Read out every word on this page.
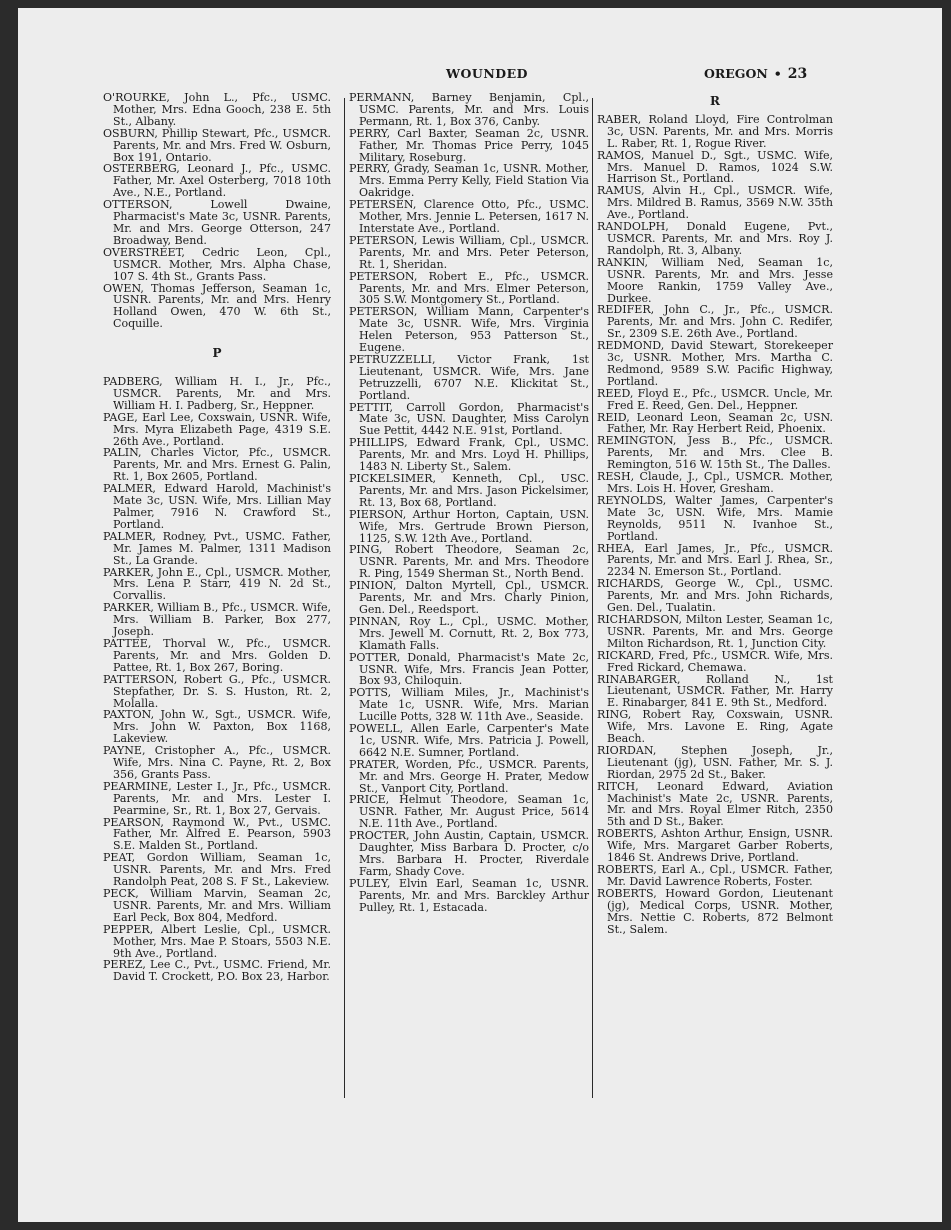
WOUNDED	OREGON • 23

O'ROURKE, John L., Pfc., USMC. Mother, Mrs. Edna Gooch, 238 E. 5th St., Albany.

OSBURN, Phillip Stewart, Pfc., USMCR. Parents, Mr. and Mrs. Fred W. Osburn, Box 191, Ontario.

OSTERBERG, Leonard J., Pfc., USMC. Father, Mr. Axel Osterberg, 7018 10th Ave., N.E., Portland.

OTTERSON, Lowell Dwaine, Pharmacist's Mate 3c, USNR. Parents, Mr. and Mrs. George Otterson, 247 Broadway, Bend.

OVERSTREET, Cedric Leon, Cpl., USMCR. Mother, Mrs. Alpha Chase, 107 S. 4th St., Grants Pass.

OWEN, Thomas Jefferson, Seaman 1c, USNR. Parents, Mr. and Mrs. Henry Holland Owen, 470 W. 6th St., Coquille.

P

PADBERG, William H. I., Jr., Pfc., USMCR. Parents, Mr. and Mrs. William H. I. Padberg, Sr., Heppner.

PAGE, Earl Lee, Coxswain, USNR. Wife, Mrs. Myra Elizabeth Page, 4319 S.E. 26th Ave., Portland.

PALIN, Charles Victor, Pfc., USMCR. Parents, Mr. and Mrs. Ernest G. Palin, Rt. 1, Box 2605, Portland.

PALMER, Edward Harold, Machinist's Mate 3c, USN. Wife, Mrs. Lillian May Palmer, 7916 N. Crawford St., Portland.

PALMER, Rodney, Pvt., USMC. Father, Mr. James M. Palmer, 1311 Madison St., La Grande.

PARKER, John E., Cpl., USMCR. Mother, Mrs. Lena P. Starr, 419 N. 2d St., Corvallis.

PARKER, William B., Pfc., USMCR. Wife, Mrs. William B. Parker, Box 277, Joseph.

PATTEE, Thorval W., Pfc., USMCR. Parents, Mr. and Mrs. Golden D. Pattee, Rt. 1, Box 267, Boring.

PATTERSON, Robert G., Pfc., USMCR. Stepfather, Dr. S. S. Huston, Rt. 2, Molalla.

PAXTON, John W., Sgt., USMCR. Wife, Mrs. John W. Paxton, Box 1168, Lakeview.

PAYNE, Cristopher A., Pfc., USMCR. Wife, Mrs. Nina C. Payne, Rt. 2, Box 356, Grants Pass.

PEARMINE, Lester I., Jr., Pfc., USMCR. Parents, Mr. and Mrs. Lester I. Pearmine, Sr., Rt. 1, Box 27, Gervais.

PEARSON, Raymond W., Pvt., USMC. Father, Mr. Alfred E. Pearson, 5903 S.E. Malden St., Portland.

PEAT, Gordon William, Seaman 1c, USNR. Parents, Mr. and Mrs. Fred Randolph Peat, 208 S. F St., Lakeview.

PECK, William Marvin, Seaman 2c, USNR. Parents, Mr. and Mrs. William Earl Peck, Box 804, Medford.

PEPPER, Albert Leslie, Cpl., USMCR. Mother, Mrs. Mae P. Stoars, 5503 N.E. 9th Ave., Portland.

PEREZ, Lee C., Pvt., USMC. Friend, Mr. David T. Crockett, P.O. Box 23, Harbor.

PERMANN, Barney Benjamin, Cpl., USMC. Parents, Mr. and Mrs. Louis Permann, Rt. 1, Box 376, Canby.

PERRY, Carl Baxter, Seaman 2c, USNR. Father, Mr. Thomas Price Perry, 1045 Military, Roseburg.

PERRY, Grady, Seaman 1c, USNR. Mother, Mrs. Emma Perry Kelly, Field Station Via Oakridge.

PETERSEN, Clarence Otto, Pfc., USMC. Mother, Mrs. Jennie L. Petersen, 1617 N. Interstate Ave., Portland.

PETERSON, Lewis William, Cpl., USMCR. Parents, Mr. and Mrs. Peter Peterson, Rt. 1, Sheridan.

PETERSON, Robert E., Pfc., USMCR. Parents, Mr. and Mrs. Elmer Peterson, 305 S.W. Montgomery St., Portland.

PETERSON, William Mann, Carpenter's Mate 3c, USNR. Wife, Mrs. Virginia Helen Peterson, 953 Patterson St., Eugene.

PETRUZZELLI, Victor Frank, 1st Lieutenant, USMCR. Wife, Mrs. Jane Petruzzelli, 6707 N.E. Klickitat St., Portland.

PETTIT, Carroll Gordon, Pharmacist's Mate 3c, USN. Daughter, Miss Carolyn Sue Pettit, 4442 N.E. 91st, Portland.

PHILLIPS, Edward Frank, Cpl., USMC. Parents, Mr. and Mrs. Loyd H. Phillips, 1483 N. Liberty St., Salem.

PICKELSIMER, Kenneth, Cpl., USC. Parents, Mr. and Mrs. Jason Pickelsimer, Rt. 13, Box 68, Portland.

PIERSON, Arthur Horton, Captain, USN. Wife, Mrs. Gertrude Brown Pierson, 1125, S.W. 12th Ave., Portland.

PING, Robert Theodore, Seaman 2c, USNR. Parents, Mr. and Mrs. Theodore R. Ping, 1549 Sherman St., North Bend.

PINION, Dalton Myrtell, Cpl., USMCR. Parents, Mr. and Mrs. Charly Pinion, Gen. Del., Reedsport.

PINNAN, Roy L., Cpl., USMC. Mother, Mrs. Jewell M. Cornutt, Rt. 2, Box 773, Klamath Falls.

POTTER, Donald, Pharmacist's Mate 2c, USNR. Wife, Mrs. Francis Jean Potter, Box 93, Chiloquin.

POTTS, William Miles, Jr., Machinist's Mate 1c, USNR. Wife, Mrs. Marian Lucille Potts, 328 W. 11th Ave., Seaside.

POWELL, Allen Earle, Carpenter's Mate 1c, USNR. Wife, Mrs. Patricia J. Powell, 6642 N.E. Sumner, Portland.

PRATER, Worden, Pfc., USMCR. Parents, Mr. and Mrs. George H. Prater, Medow St., Vanport City, Portland.

PRICE, Helmut Theodore, Seaman 1c, USNR. Father, Mr. August Price, 5614 N.E. 11th Ave., Portland.

PROCTER, John Austin, Captain, USMCR. Daughter, Miss Barbara D. Procter, c/o Mrs. Barbara H. Procter, Riverdale Farm, Shady Cove.

PULEY, Elvin Earl, Seaman 1c, USNR. Parents, Mr. and Mrs. Barckley Arthur Pulley, Rt. 1, Estacada.

R

RABER, Roland Lloyd, Fire Controlman 3c, USN. Parents, Mr. and Mrs. Morris L. Raber, Rt. 1, Rogue River.

RAMOS, Manuel D., Sgt., USMC. Wife, Mrs. Manuel D. Ramos, 1024 S.W. Harrison St., Portland.

RAMUS, Alvin H., Cpl., USMCR. Wife, Mrs. Mildred B. Ramus, 3569 N.W. 35th Ave., Portland.

RANDOLPH, Donald Eugene, Pvt., USMCR. Parents, Mr. and Mrs. Roy J. Randolph, Rt. 3, Albany.

RANKIN, William Ned, Seaman 1c, USNR. Parents, Mr. and Mrs. Jesse Moore Rankin, 1759 Valley Ave., Durkee.

REDIFER, John C., Jr., Pfc., USMCR. Parents, Mr. and Mrs. John C. Redifer, Sr., 2309 S.E. 26th Ave., Portland.

REDMOND, David Stewart, Storekeeper 3c, USNR. Mother, Mrs. Martha C. Redmond, 9589 S.W. Pacific Highway, Portland.

REED, Floyd E., Pfc., USMCR. Uncle, Mr. Fred E. Reed, Gen. Del., Heppner.

REID, Leonard Leon, Seaman 2c, USN. Father, Mr. Ray Herbert Reid, Phoenix.

REMINGTON, Jess B., Pfc., USMCR. Parents, Mr. and Mrs. Clee B. Remington, 516 W. 15th St., The Dalles.

RESH, Claude, J., Cpl., USMCR. Mother, Mrs. Lois H. Hover, Gresham.

REYNOLDS, Walter James, Carpenter's Mate 3c, USN. Wife, Mrs. Mamie Reynolds, 9511 N. Ivanhoe St., Portland.

RHEA, Earl James, Jr., Pfc., USMCR. Parents, Mr. and Mrs. Earl J. Rhea, Sr., 2234 N. Emerson St., Portland.

RICHARDS, George W., Cpl., USMC. Parents, Mr. and Mrs. John Richards, Gen. Del., Tualatin.

RICHARDSON, Milton Lester, Seaman 1c, USNR. Parents, Mr. and Mrs. George Milton Richardson, Rt. 1, Junction City.

RICKARD, Fred, Pfc., USMCR. Wife, Mrs. Fred Rickard, Chemawa.

RINABARGER, Rolland N., 1st Lieutenant, USMCR. Father, Mr. Harry E. Rinabarger, 841 E. 9th St., Medford.

RING, Robert Ray, Coxswain, USNR. Wife, Mrs. Lavone E. Ring, Agate Beach.

RIORDAN, Stephen Joseph, Jr., Lieutenant (jg), USN. Father, Mr. S. J. Riordan, 2975 2d St., Baker.

RITCH, Leonard Edward, Aviation Machinist's Mate 2c, USNR. Parents, Mr. and Mrs. Royal Elmer Ritch, 2350 5th and D St., Baker.

ROBERTS, Ashton Arthur, Ensign, USNR. Wife, Mrs. Margaret Garber Roberts, 1846 St. Andrews Drive, Portland.

ROBERTS, Earl A., Cpl., USMCR. Father, Mr. David Lawrence Roberts, Foster.

ROBERTS, Howard Gordon, Lieutenant (jg), Medical Corps, USNR. Mother, Mrs. Nettie C. Roberts, 872 Belmont St., Salem.
